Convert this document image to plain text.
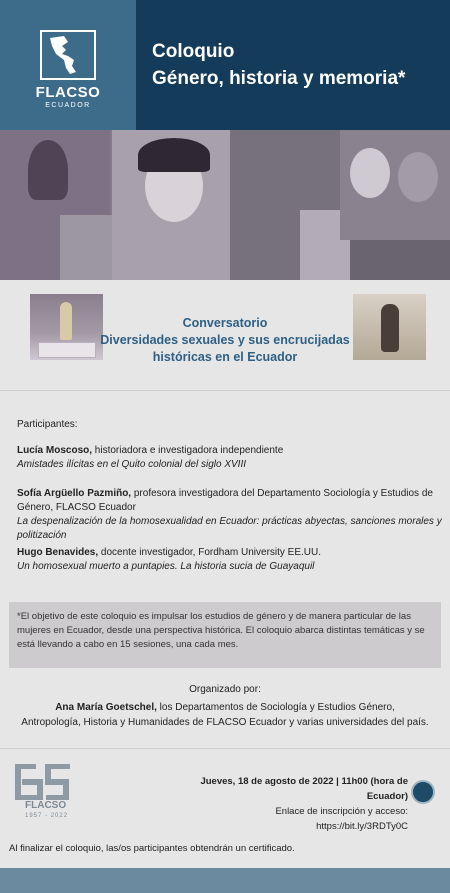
FLACSO
ECUADOR
Coloquio
Género, historia y memoria*
Conversatorio
Diversidades sexuales y sus encrucijadas
históricas en el Ecuador
Participantes:
Lucía Moscoso, historiadora e investigadora independiente
Amistades ilícitas en el Quito colonial del siglo XVIII
Sofía Argüello Pazmiño, profesora investigadora del Departamento Sociología y Estudios de Género, FLACSO Ecuador
La despenalización de la homosexualidad en Ecuador: prácticas abyectas, sanciones morales y politización
Hugo Benavides, docente investigador, Fordham University EE.UU.
Un homosexual muerto a puntapies. La historia sucia de Guayaquil
*El objetivo de este coloquio es impulsar los estudios de género y de manera particular de las mujeres en Ecuador, desde una perspectiva histórica. El coloquio abarca distintas temáticas y se está llevando a cabo en 15 sesiones, una cada mes.
Organizado por:
Ana María Goetschel, los Departamentos de Sociología y Estudios Género,
Antropología, Historia y Humanidades de FLACSO Ecuador y varias universidades del país.
FLACSO
1957 - 2022
Jueves, 18 de agosto de 2022 | 11h00 (hora de Ecuador)
Enlace de inscripción y acceso:
https://bit.ly/3RDTy0C
Al finalizar el coloquio, las/os participantes obtendrán un certificado.
